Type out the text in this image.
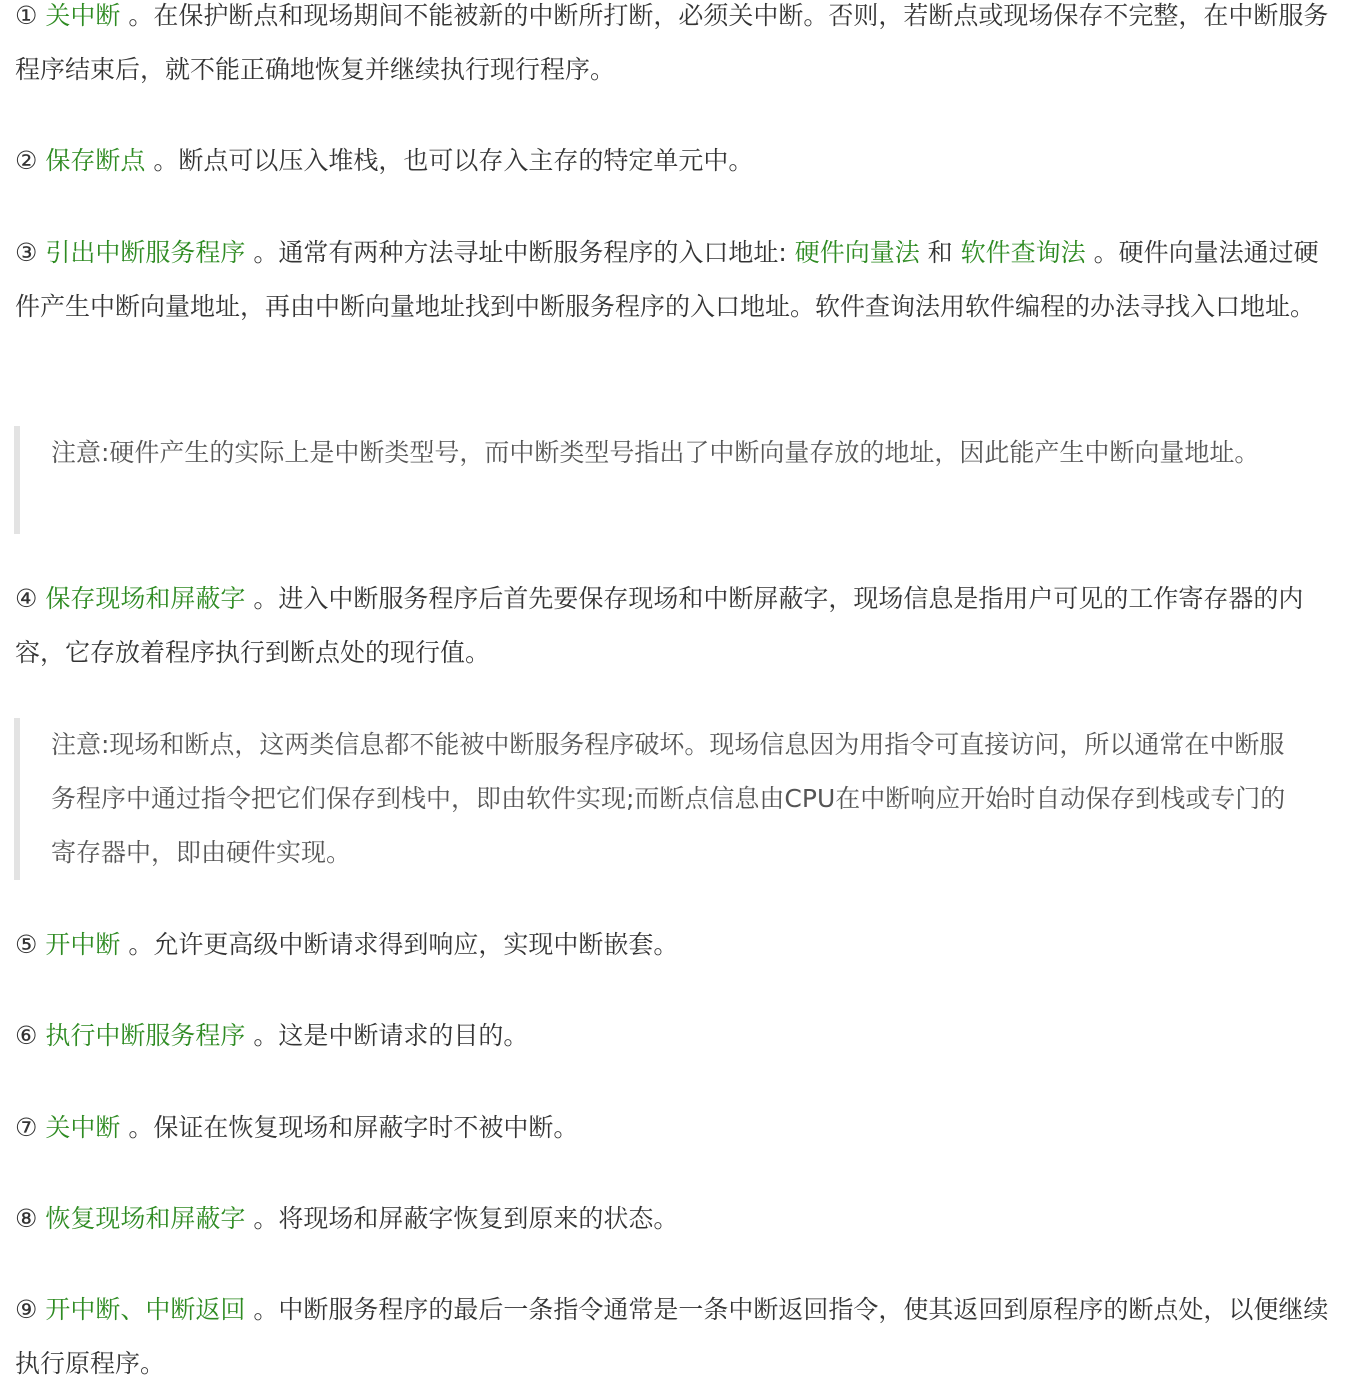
① 关中断 。在保护断点和现场期间不能被新的中断所打断，必须关中断。否则，若断点或现场保存不完整，在中断服务程序结束后，就不能正确地恢复并继续执行现行程序。

② 保存断点 。断点可以压入堆栈，也可以存入主存的特定单元中。

③ 引出中断服务程序 。通常有两种方法寻址中断服务程序的入口地址: 硬件向量法 和 软件查询法 。硬件向量法通过硬件产生中断向量地址，再由中断向量地址找到中断服务程序的入口地址。软件查询法用软件编程的办法寻找入口地址。

注意:硬件产生的实际上是中断类型号，而中断类型号指出了中断向量存放的地址，因此能产生中断向量地址。

④ 保存现场和屏蔽字 。进入中断服务程序后首先要保存现场和中断屏蔽字，现场信息是指用户可见的工作寄存器的内容，它存放着程序执行到断点处的现行值。

注意:现场和断点，这两类信息都不能被中断服务程序破坏。现场信息因为用指令可直接访问，所以通常在中断服务程序中通过指令把它们保存到栈中，即由软件实现;而断点信息由CPU在中断响应开始时自动保存到栈或专门的寄存器中，即由硬件实现。

⑤ 开中断 。允许更高级中断请求得到响应，实现中断嵌套。

⑥ 执行中断服务程序 。这是中断请求的目的。

⑦ 关中断 。保证在恢复现场和屏蔽字时不被中断。

⑧ 恢复现场和屏蔽字 。将现场和屏蔽字恢复到原来的状态。

⑨ 开中断、中断返回 。中断服务程序的最后一条指令通常是一条中断返回指令，使其返回到原程序的断点处，以便继续执行原程序。
